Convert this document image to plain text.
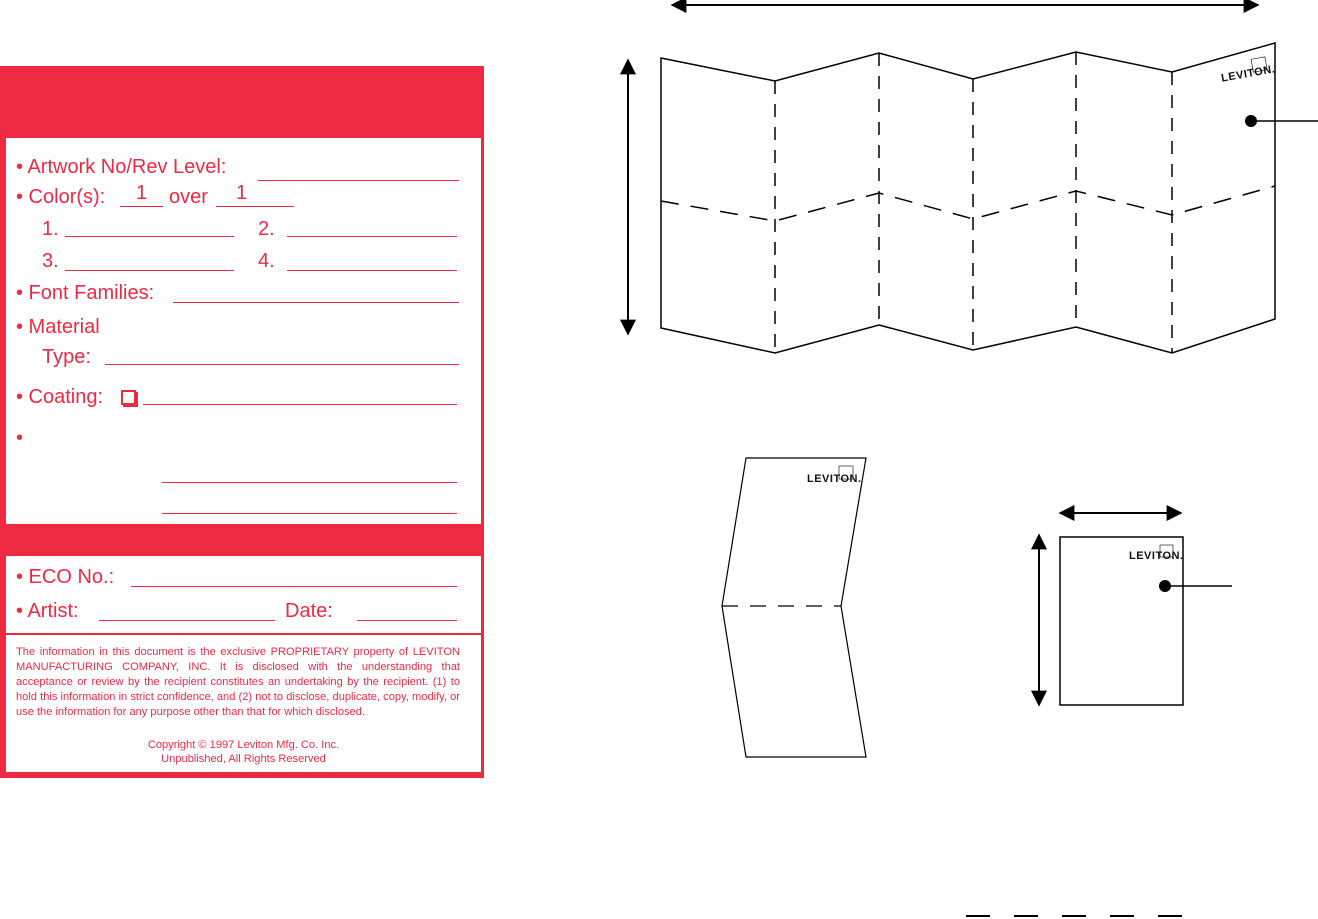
• Artwork No/Rev Level:
• Color(s): 1 over 1
1.	2.
3.	4.
• Font Families:
• Material
Type:
• Coating:
•
• ECO No.:
• Artist:	Date:
The information in this document is the exclusive PROPRIETARY property of LEVITON MANUFACTURING COMPANY, INC. It is disclosed with the understanding that acceptance or review by the recipient constitutes an undertaking by the recipient. (1) to hold this information in strict confidence, and (2) not to disclose, duplicate, copy, modify, or use the information for any purpose other than that for which disclosed.
Copyright © 1997 Leviton Mfg. Co. Inc.
Unpublished, All Rights Reserved
LEVITON.
LEVITON.
LEVITON.
